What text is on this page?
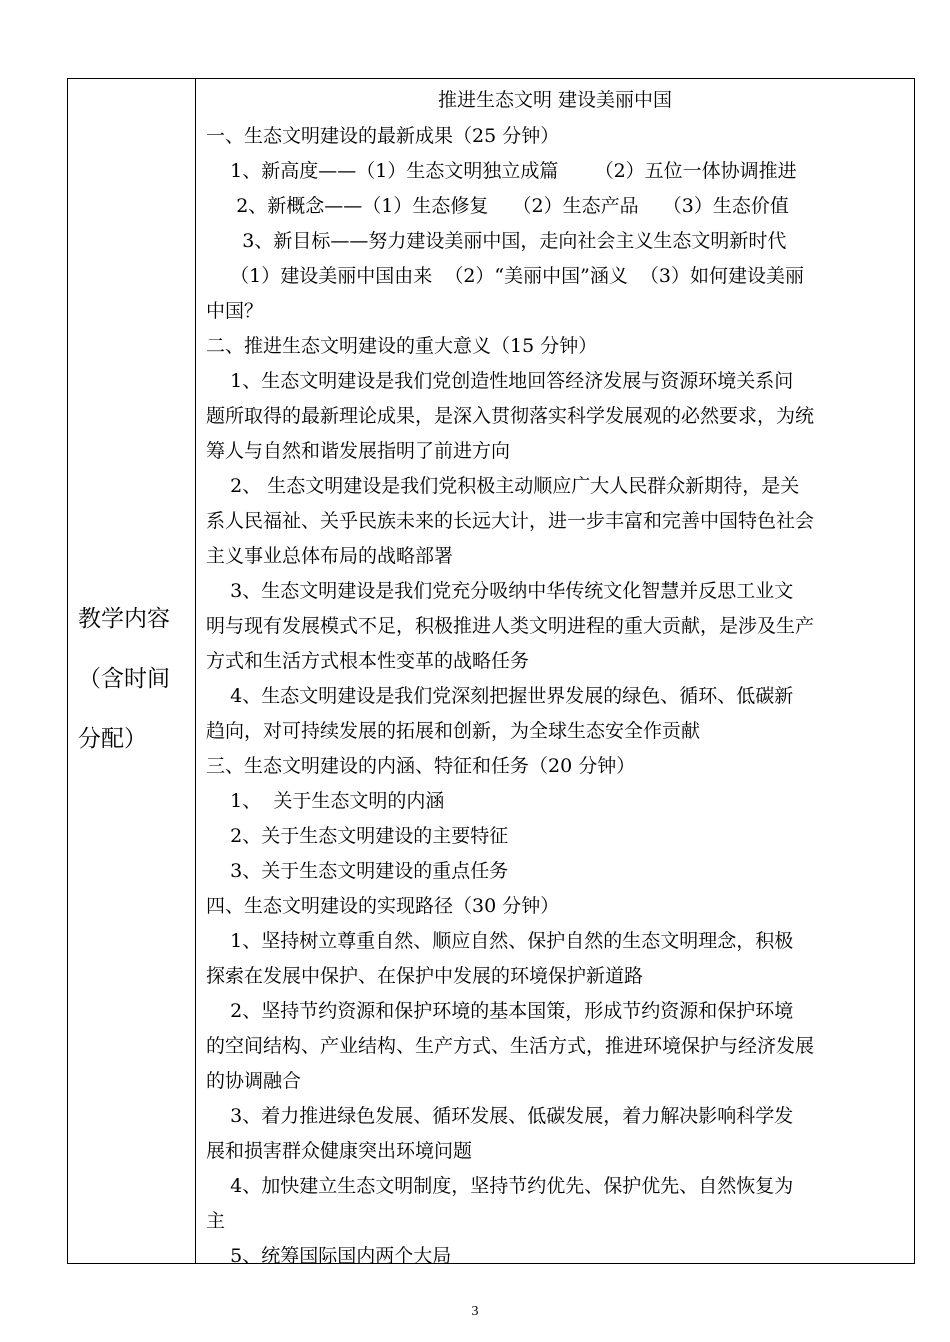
教学内容
（含时间
分配）
推进生态文明 建设美丽中国
一、生态文明建设的最新成果（25 分钟）
1、新高度——（1）生态文明独立成篇      （2）五位一体协调推进
2、新概念——（1）生态修复    （2）生态产品    （3）生态价值
3、新目标——努力建设美丽中国，走向社会主义生态文明新时代
（1）建设美丽中国由来  （2）“美丽中国”涵义  （3）如何建设美丽
中国？
二、推进生态文明建设的重大意义（15 分钟）
1、生态文明建设是我们党创造性地回答经济发展与资源环境关系问
题所取得的最新理论成果，是深入贯彻落实科学发展观的必然要求，为统
筹人与自然和谐发展指明了前进方向
2、 生态文明建设是我们党积极主动顺应广大人民群众新期待，是关
系人民福祉、关乎民族未来的长远大计，进一步丰富和完善中国特色社会
主义事业总体布局的战略部署
3、生态文明建设是我们党充分吸纳中华传统文化智慧并反思工业文
明与现有发展模式不足，积极推进人类文明进程的重大贡献，是涉及生产
方式和生活方式根本性变革的战略任务
4、生态文明建设是我们党深刻把握世界发展的绿色、循环、低碳新
趋向，对可持续发展的拓展和创新，为全球生态安全作贡献
三、生态文明建设的内涵、特征和任务（20 分钟）
1、  关于生态文明的内涵
2、关于生态文明建设的主要特征
3、关于生态文明建设的重点任务
四、生态文明建设的实现路径（30 分钟）
1、坚持树立尊重自然、顺应自然、保护自然的生态文明理念，积极
探索在发展中保护、在保护中发展的环境保护新道路
2、坚持节约资源和保护环境的基本国策，形成节约资源和保护环境
的空间结构、产业结构、生产方式、生活方式，推进环境保护与经济发展
的协调融合
3、着力推进绿色发展、循环发展、低碳发展，着力解决影响科学发
展和损害群众健康突出环境问题
4、加快建立生态文明制度，坚持节约优先、保护优先、自然恢复为
主
5、统筹国际国内两个大局
3
